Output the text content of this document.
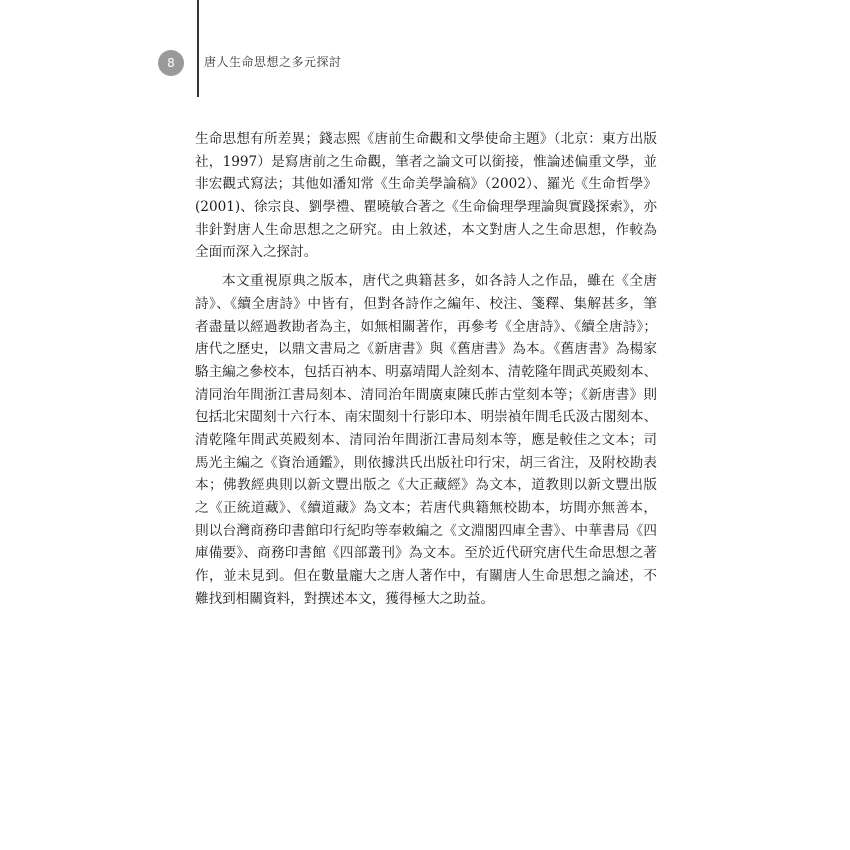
8	唐人生命思想之多元探討
生命思想有所差異；錢志熙《唐前生命觀和文學使命主題》（北京：東方出版
社，1997）是寫唐前之生命觀，筆者之論文可以銜接，惟論述偏重文學，並
非宏觀式寫法；其他如潘知常《生命美學論稿》（2002）、羅光《生命哲學》
(2001)、徐宗良、劉學禮、瞿曉敏合著之《生命倫理學理論與實踐探索》，亦
非針對唐人生命思想之之研究。由上敘述，本文對唐人之生命思想，作較為
全面而深入之探討。
本文重視原典之版本，唐代之典籍甚多，如各詩人之作品，雖在《全唐
詩》、《續全唐詩》中皆有，但對各詩作之編年、校注、箋釋、集解甚多，筆
者盡量以經過教勘者為主，如無相關著作，再參考《全唐詩》、《續全唐詩》；
唐代之歷史，以鼎文書局之《新唐書》與《舊唐書》為本。《舊唐書》為楊家
駱主編之參校本，包括百衲本、明嘉靖聞人詮刻本、清乾隆年間武英殿刻本、
清同治年間浙江書局刻本、清同治年間廣東陳氏葄古堂刻本等；《新唐書》則
包括北宋閩刻十六行本、南宋閩刻十行影印本、明崇禎年間毛氏汲古閣刻本、
清乾隆年間武英殿刻本、清同治年間浙江書局刻本等，應是較佳之文本；司
馬光主編之《資治通鑑》，則依據洪氏出版社印行宋，胡三省注，及附校勘表
本；佛教經典則以新文豐出版之《大正藏經》為文本，道教則以新文豐出版
之《正統道藏》、《續道藏》為文本；若唐代典籍無校勘本，坊間亦無善本，
則以台灣商務印書館印行紀昀等奉敕編之《文淵閣四庫全書》、中華書局《四
庫備要》、商務印書館《四部叢刊》為文本。至於近代研究唐代生命思想之著
作，並未見到。但在數量龐大之唐人著作中，有關唐人生命思想之論述，不
難找到相關資料，對撰述本文，獲得極大之助益。
